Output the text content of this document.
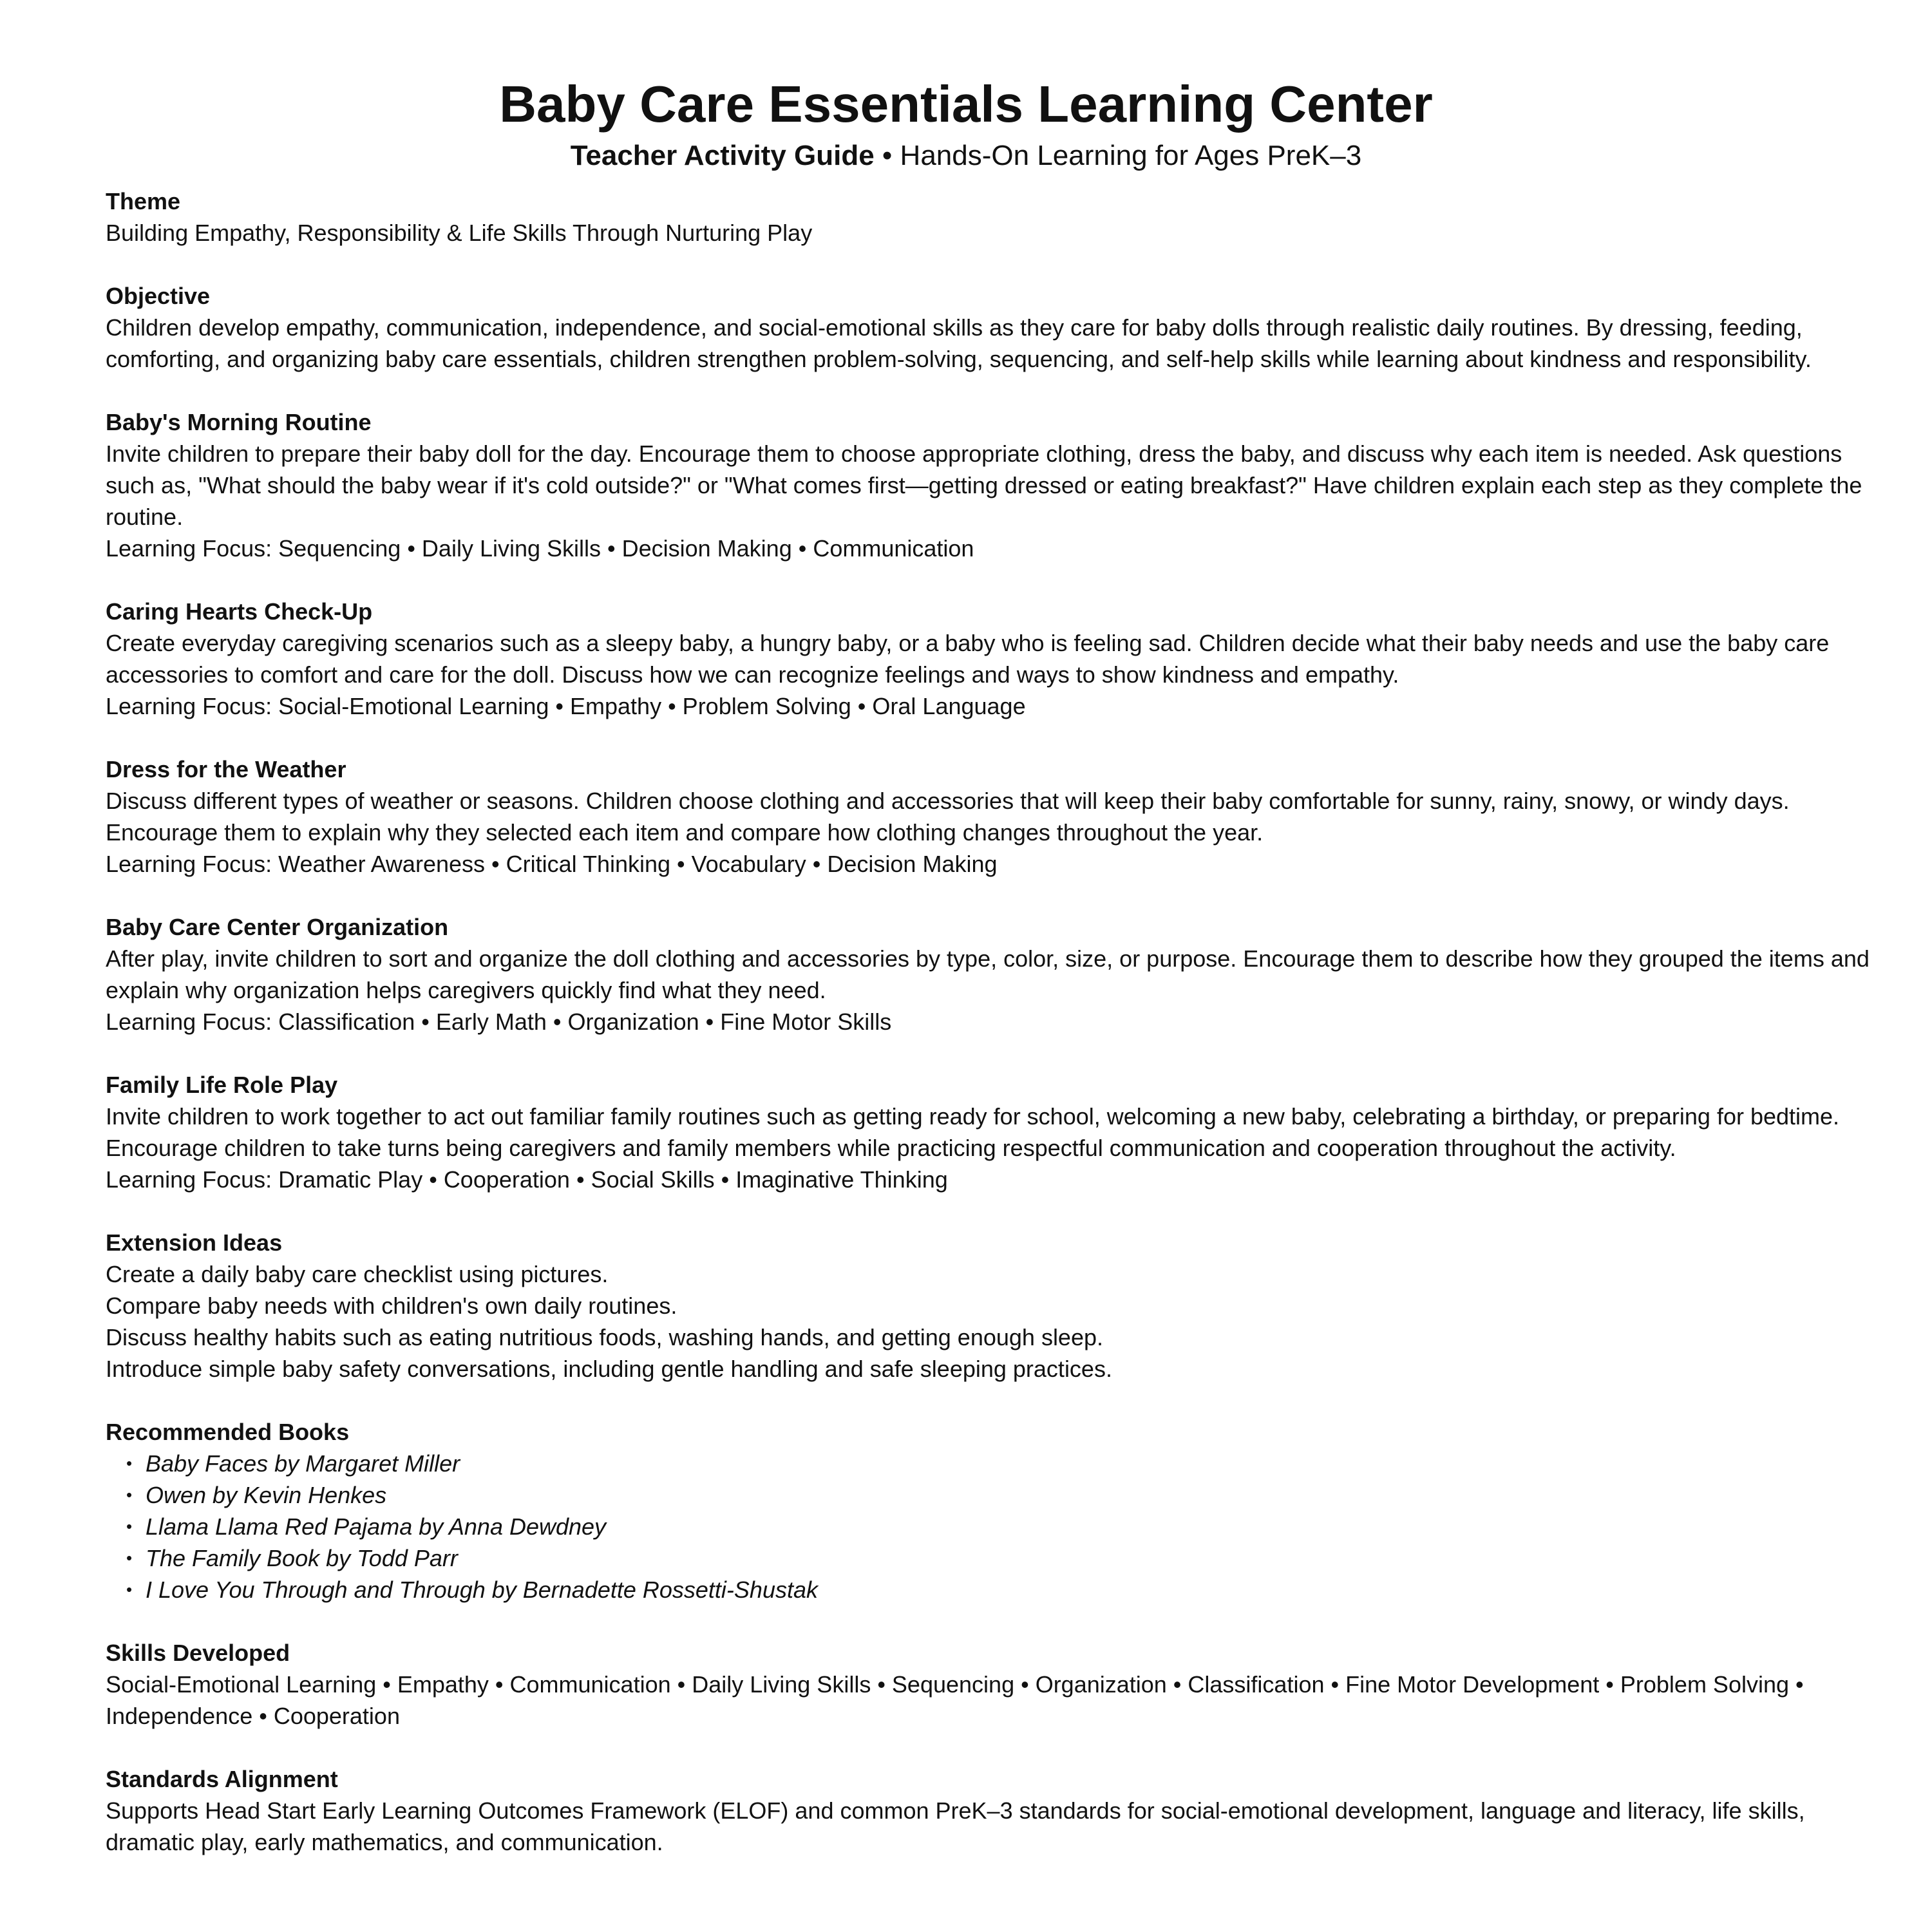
Baby Care Essentials Learning Center
Teacher Activity Guide • Hands-On Learning for Ages PreK–3

Theme

Building Empathy, Responsibility & Life Skills Through Nurturing Play

Objective

Children develop empathy, communication, independence, and social-emotional skills as they care for baby dolls through realistic daily routines. By dressing, feeding, comforting, and organizing baby care essentials, children strengthen problem-solving, sequencing, and self-help skills while learning about kindness and responsibility.

Baby's Morning Routine

Invite children to prepare their baby doll for the day. Encourage them to choose appropriate clothing, dress the baby, and discuss why each item is needed. Ask questions such as, "What should the baby wear if it's cold outside?" or "What comes first—getting dressed or eating breakfast?" Have children explain each step as they complete the routine.

Learning Focus: Sequencing • Daily Living Skills • Decision Making • Communication

Caring Hearts Check-Up

Create everyday caregiving scenarios such as a sleepy baby, a hungry baby, or a baby who is feeling sad. Children decide what their baby needs and use the baby care accessories to comfort and care for the doll. Discuss how we can recognize feelings and ways to show kindness and empathy.

Learning Focus: Social-Emotional Learning • Empathy • Problem Solving • Oral Language

Dress for the Weather

Discuss different types of weather or seasons. Children choose clothing and accessories that will keep their baby comfortable for sunny, rainy, snowy, or windy days. Encourage them to explain why they selected each item and compare how clothing changes throughout the year.

Learning Focus: Weather Awareness • Critical Thinking • Vocabulary • Decision Making

Baby Care Center Organization

After play, invite children to sort and organize the doll clothing and accessories by type, color, size, or purpose. Encourage them to describe how they grouped the items and explain why organization helps caregivers quickly find what they need.

Learning Focus: Classification • Early Math • Organization • Fine Motor Skills

Family Life Role Play

Invite children to work together to act out familiar family routines such as getting ready for school, welcoming a new baby, celebrating a birthday, or preparing for bedtime. Encourage children to take turns being caregivers and family members while practicing respectful communication and cooperation throughout the activity.

Learning Focus: Dramatic Play • Cooperation • Social Skills • Imaginative Thinking

Extension Ideas

Create a daily baby care checklist using pictures.

Compare baby needs with children's own daily routines.

Discuss healthy habits such as eating nutritious foods, washing hands, and getting enough sleep.

Introduce simple baby safety conversations, including gentle handling and safe sleeping practices.

Recommended Books

• Baby Faces by Margaret Miller
• Owen by Kevin Henkes
• Llama Llama Red Pajama by Anna Dewdney
• The Family Book by Todd Parr
• I Love You Through and Through by Bernadette Rossetti-Shustak

Skills Developed

Social-Emotional Learning • Empathy • Communication • Daily Living Skills • Sequencing • Organization • Classification • Fine Motor Development • Problem Solving • Independence • Cooperation

Standards Alignment

Supports Head Start Early Learning Outcomes Framework (ELOF) and common PreK–3 standards for social-emotional development, language and literacy, life skills, dramatic play, early mathematics, and communication.
